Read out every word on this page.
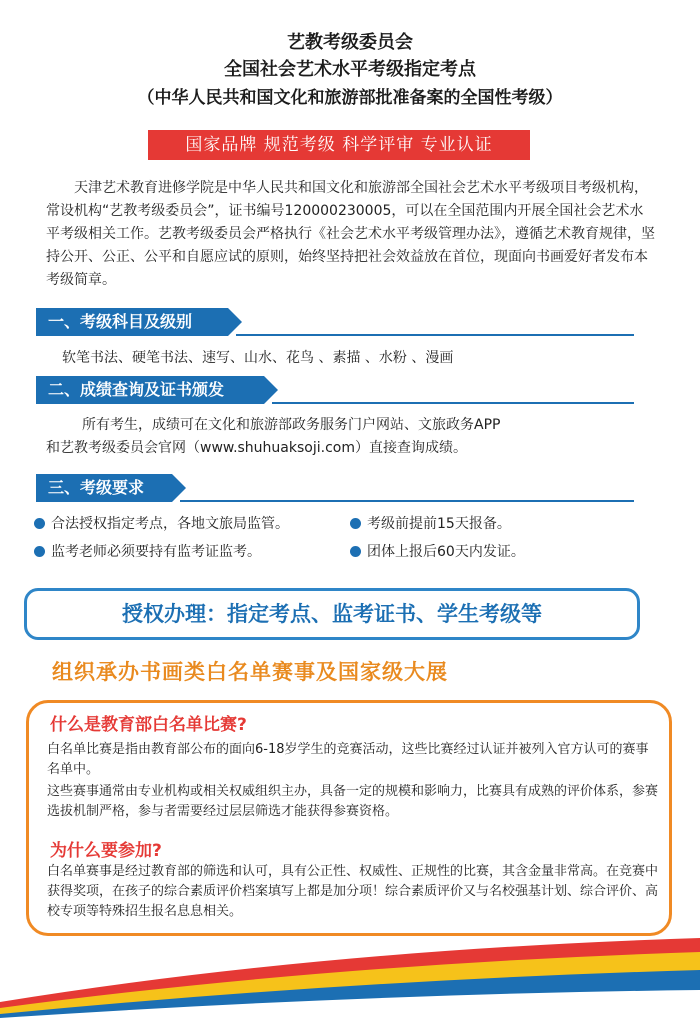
艺教考级委员会
全国社会艺术水平考级指定考点
（中华人民共和国文化和旅游部批准备案的全国性考级）
国家品牌 规范考级 科学评审 专业认证
天津艺术教育进修学院是中华人民共和国文化和旅游部全国社会艺术水平考级项目考级机构，常设机构“艺教考级委员会”，证书编号120000230005，可以在全国范围内开展全国社会艺术水平考级相关工作。艺教考级委员会严格执行《社会艺术水平考级管理办法》，遵循艺术教育规律，坚持公开、公正、公平和自愿应试的原则，始终坚持把社会效益放在首位，现面向书画爱好者发布本考级简章。
一、考级科目及级别
软笔书法、硬笔书法、速写、山水、花鸟 、素描 、水粉 、漫画
二、成绩查询及证书颁发
所有考生，成绩可在文化和旅游部政务服务门户网站、文旅政务APP
和艺教考级委员会官网（www.shuhuaksoji.com）直接查询成绩。
三、考级要求
合法授权指定考点，各地文旅局监管。	考级前提前15天报备。
监考老师必须要持有监考证监考。	团体上报后60天内发证。
授权办理：指定考点、监考证书、学生考级等
组织承办书画类白名单赛事及国家级大展
什么是教育部白名单比赛?
白名单比赛是指由教育部公布的面向6-18岁学生的竞赛活动，这些比赛经过认证并被列入官方认可的赛事名单中。
这些赛事通常由专业机构或相关权威组织主办，具备一定的规模和影响力，比赛具有成熟的评价体系，参赛选拔机制严格，参与者需要经过层层筛选才能获得参赛资格。
为什么要参加?
白名单赛事是经过教育部的筛选和认可，具有公正性、权威性、正规性的比赛，其含金量非常高。在竞赛中获得奖项，在孩子的综合素质评价档案填写上都是加分项！综合素质评价又与名校强基计划、综合评价、高校专项等特殊招生报名息息相关。
